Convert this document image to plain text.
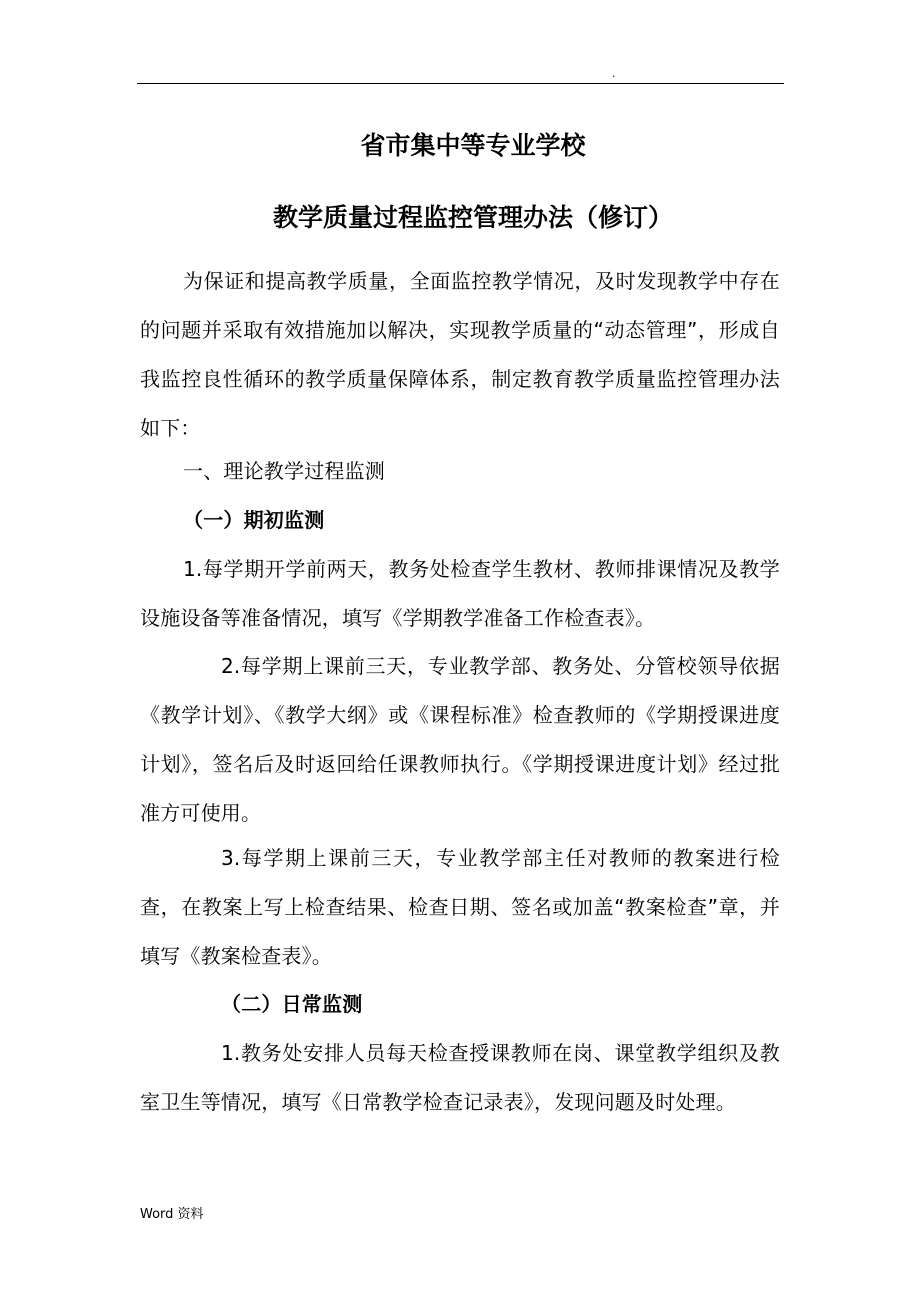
.
省市集中等专业学校
教学质量过程监控管理办法（修订）

为保证和提高教学质量，全面监控教学情况，及时发现教学中存在的问题并采取有效措施加以解决，实现教学质量的“动态管理”，形成自我监控良性循环的教学质量保障体系，制定教育教学质量监控管理办法如下：

一、理论教学过程监测

（一）期初监测

1.每学期开学前两天，教务处检查学生教材、教师排课情况及教学设施设备等准备情况，填写《学期教学准备工作检查表》。

2.每学期上课前三天，专业教学部、教务处、分管校领导依据《教学计划》、《教学大纲》或《课程标准》检查教师的《学期授课进度计划》，签名后及时返回给任课教师执行。《学期授课进度计划》经过批准方可使用。

3.每学期上课前三天，专业教学部主任对教师的教案进行检查，在教案上写上检查结果、检查日期、签名或加盖“教案检查”章，并填写《教案检查表》。

（二）日常监测

1.教务处安排人员每天检查授课教师在岗、课堂教学组织及教室卫生等情况，填写《日常教学检查记录表》，发现问题及时处理。

Word 资料
